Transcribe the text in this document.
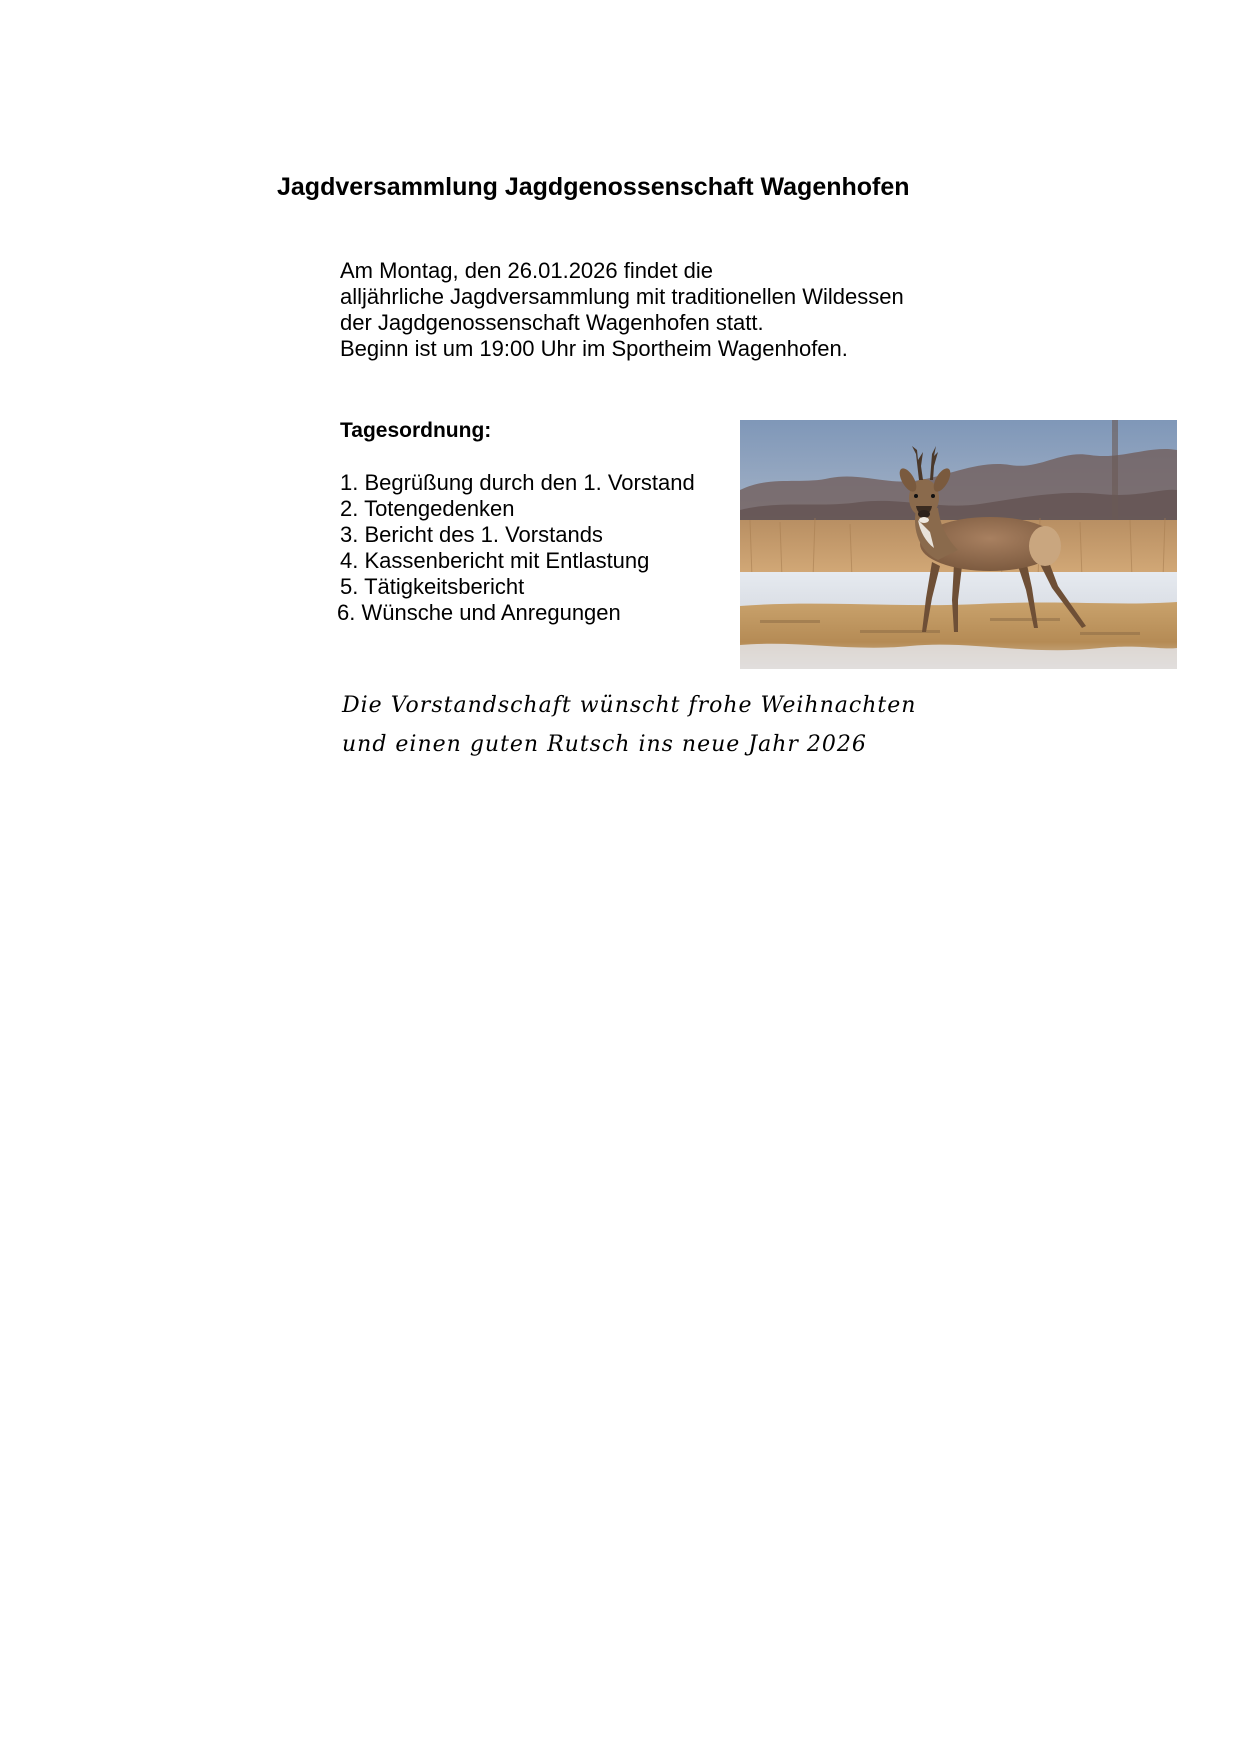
Jagdversammlung Jagdgenossenschaft Wagenhofen
Am Montag, den 26.01.2026 findet die
alljährliche Jagdversammlung mit traditionellen Wildessen
der Jagdgenossenschaft Wagenhofen statt.
Beginn ist um 19:00 Uhr im Sportheim Wagenhofen.
Tagesordnung:
1. Begrüßung durch den 1. Vorstand
2. Totengedenken
3. Bericht des 1. Vorstands
4. Kassenbericht mit Entlastung
5. Tätigkeitsbericht
6. Wünsche und Anregungen
Die Vorstandschaft wünscht frohe Weihnachten
und einen guten Rutsch ins neue Jahr 2026
